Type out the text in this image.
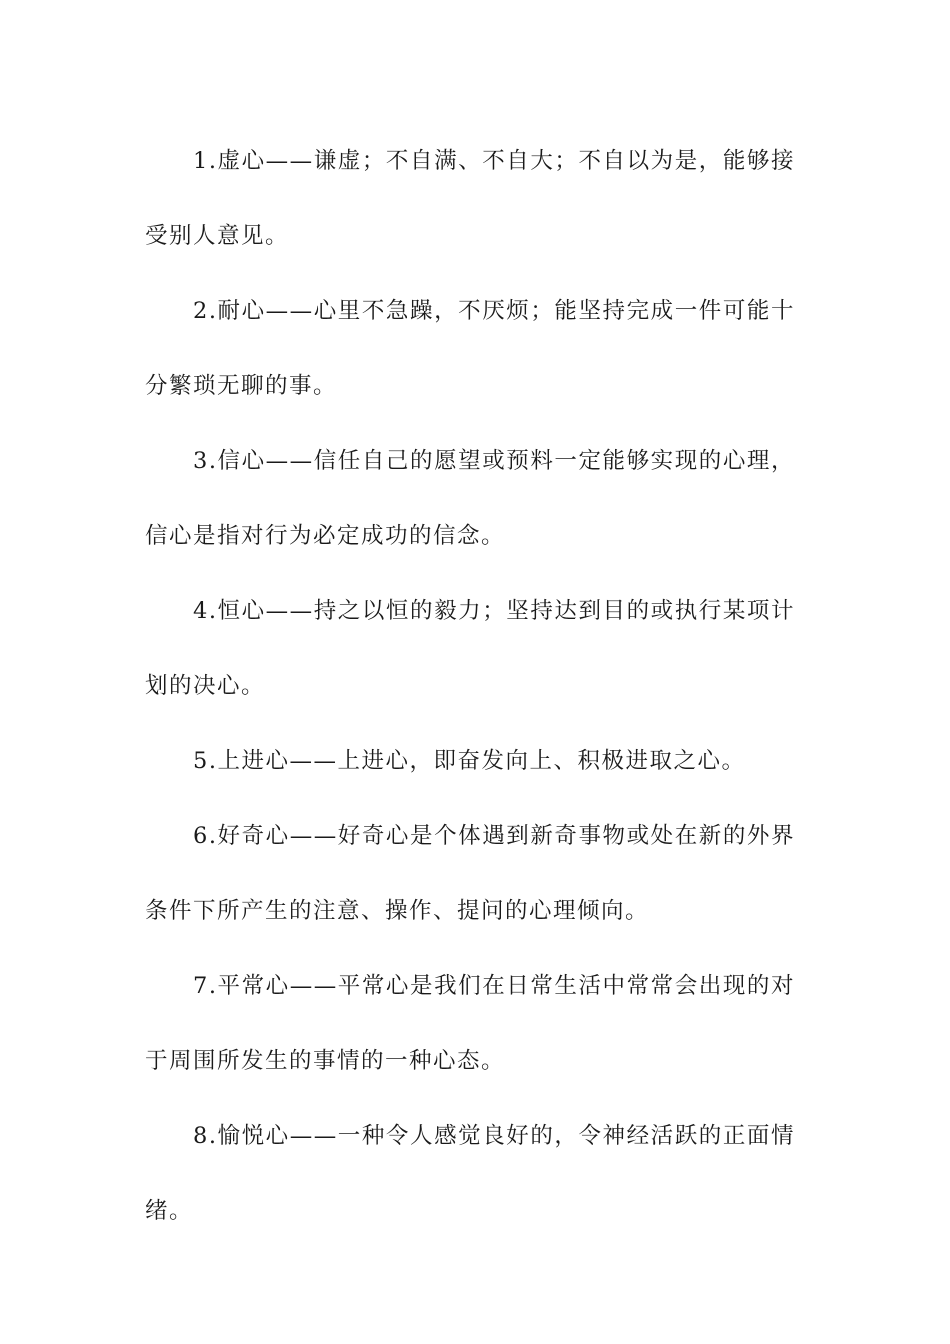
1.虚心——谦虚；不自满、不自大；不自以为是，能够接受别人意见。

2.耐心——心里不急躁，不厌烦；能坚持完成一件可能十分繁琐无聊的事。

3.信心——信任自己的愿望或预料一定能够实现的心理，信心是指对行为必定成功的信念。

4.恒心——持之以恒的毅力；坚持达到目的或执行某项计划的决心。

5.上进心——上进心，即奋发向上、积极进取之心。

6.好奇心——好奇心是个体遇到新奇事物或处在新的外界条件下所产生的注意、操作、提问的心理倾向。

7.平常心——平常心是我们在日常生活中常常会出现的对于周围所发生的事情的一种心态。

8.愉悦心——一种令人感觉良好的，令神经活跃的正面情绪。
